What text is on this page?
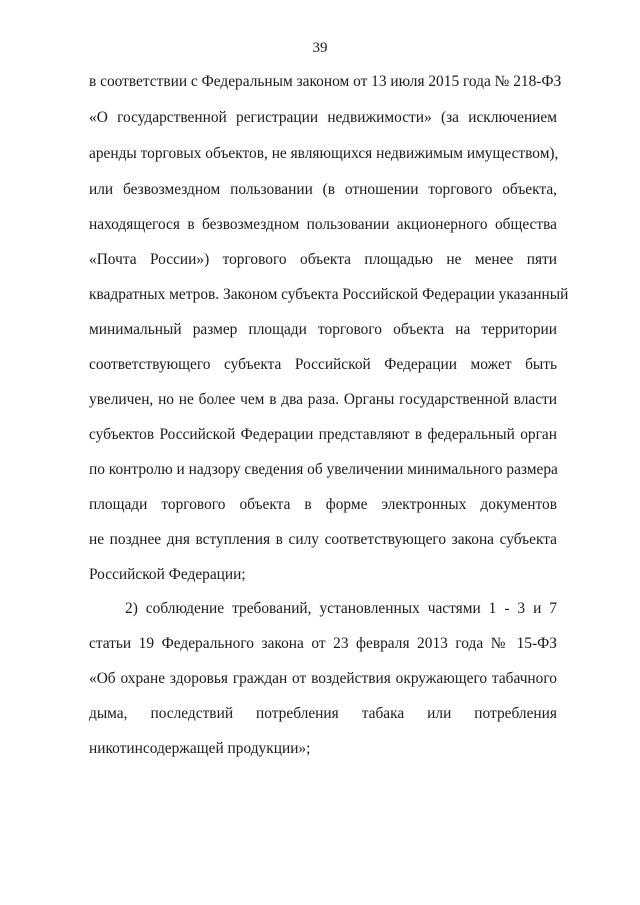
39
в соответствии с Федеральным законом от 13 июля 2015 года № 218-ФЗ
«О государственной регистрации недвижимости» (за исключением
аренды торговых объектов, не являющихся недвижимым имуществом),
или безвозмездном пользовании (в отношении торгового объекта,
находящегося в безвозмездном пользовании акционерного общества
«Почта России») торгового объекта площадью не менее пяти
квадратных метров. Законом субъекта Российской Федерации указанный
минимальный размер площади торгового объекта на территории
соответствующего субъекта Российской Федерации может быть
увеличен, но не более чем в два раза. Органы государственной власти
субъектов Российской Федерации представляют в федеральный орган
по контролю и надзору сведения об увеличении минимального размера
площади торгового объекта в форме электронных документов
не позднее дня вступления в силу соответствующего закона субъекта
Российской Федерации;
2) соблюдение требований, установленных частями 1 - 3 и 7
статьи 19 Федерального закона от 23 февраля 2013 года № 15-ФЗ
«Об охране здоровья граждан от воздействия окружающего табачного
дыма, последствий потребления табака или потребления
никотинсодержащей продукции»;
